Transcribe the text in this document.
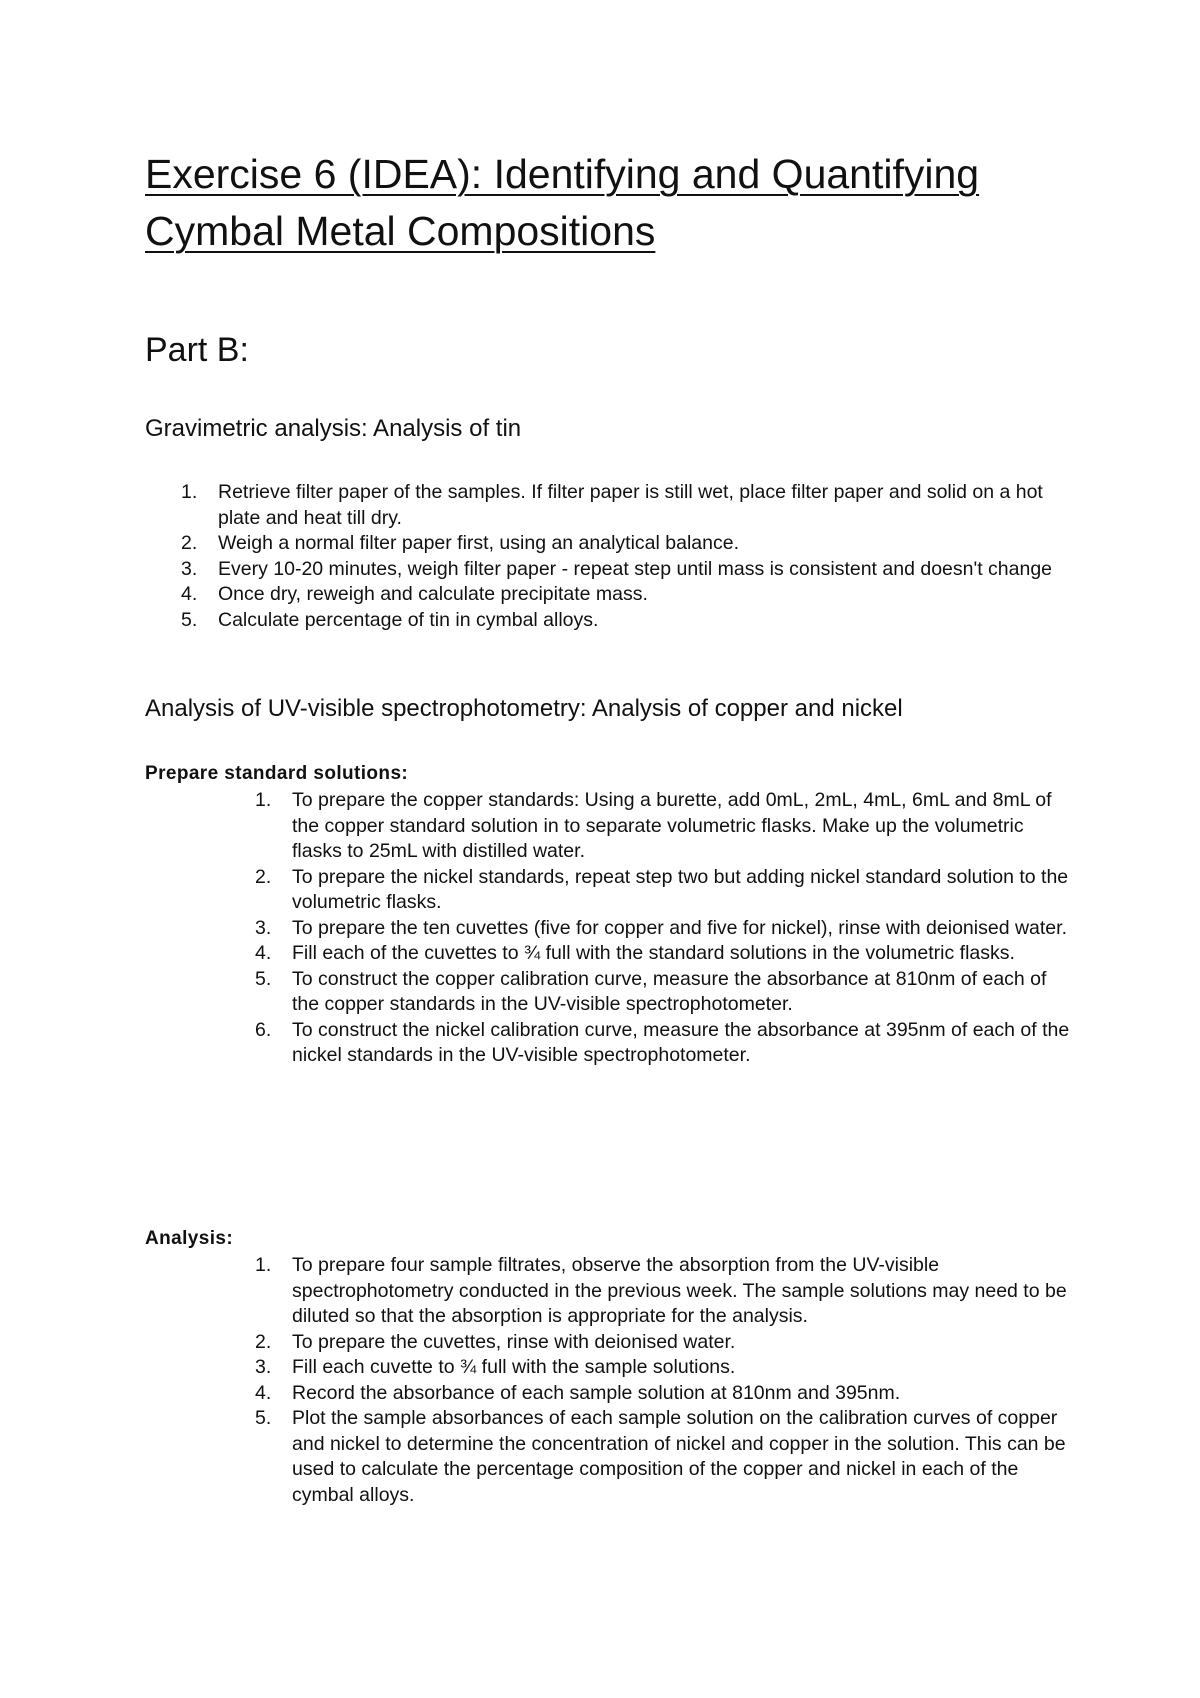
Exercise 6 (IDEA): Identifying and Quantifying Cymbal Metal Compositions
Part B:
Gravimetric analysis: Analysis of tin
1.	Retrieve filter paper of the samples. If filter paper is still wet, place filter paper and solid on a hot plate and heat till dry.
2.	Weigh a normal filter paper first, using an analytical balance.
3.	Every 10-20 minutes, weigh filter paper - repeat step until mass is consistent and doesn't change
4.	Once dry, reweigh and calculate precipitate mass.
5.	Calculate percentage of tin in cymbal alloys.
Analysis of UV-visible spectrophotometry: Analysis of copper and nickel
Prepare standard solutions:
1.	To prepare the copper standards: Using a burette, add 0mL, 2mL, 4mL, 6mL and 8mL of the copper standard solution in to separate volumetric flasks. Make up the volumetric flasks to 25mL with distilled water.
2.	To prepare the nickel standards, repeat step two but adding nickel standard solution to the volumetric flasks.
3.	To prepare the ten cuvettes (five for copper and five for nickel), rinse with deionised water.
4.	Fill each of the cuvettes to ¾ full with the standard solutions in the volumetric flasks.
5.	To construct the copper calibration curve, measure the absorbance at 810nm of each of the copper standards in the UV-visible spectrophotometer.
6.	To construct the nickel calibration curve, measure the absorbance at 395nm of each of the nickel standards in the UV-visible spectrophotometer.
Analysis:
1.	To prepare four sample filtrates, observe the absorption from the UV-visible spectrophotometry conducted in the previous week. The sample solutions may need to be diluted so that the absorption is appropriate for the analysis.
2.	To prepare the cuvettes, rinse with deionised water.
3.	Fill each cuvette to ¾ full with the sample solutions.
4.	Record the absorbance of each sample solution at 810nm and 395nm.
5.	Plot the sample absorbances of each sample solution on the calibration curves of copper and nickel to determine the concentration of nickel and copper in the solution. This can be used to calculate the percentage composition of the copper and nickel in each of the cymbal alloys.
